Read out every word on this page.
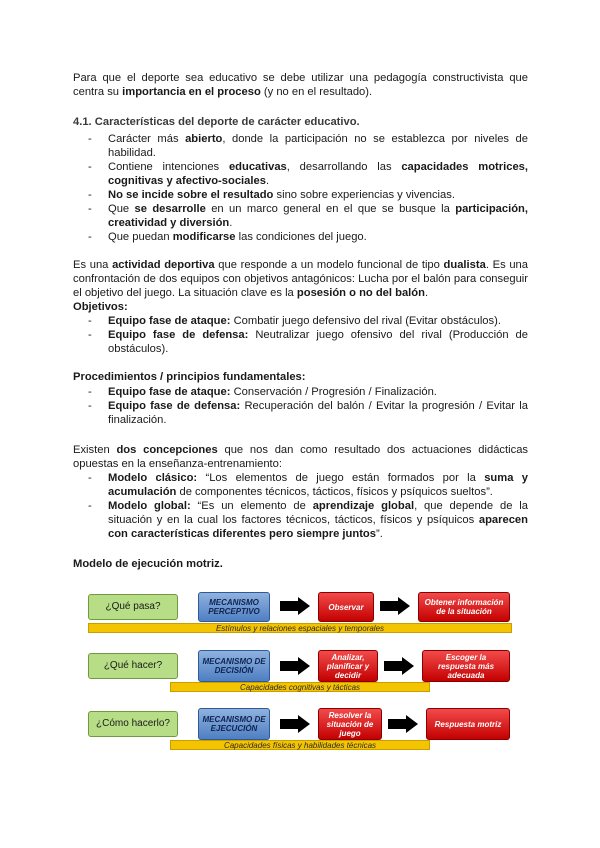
Para que el deporte sea educativo se debe utilizar una pedagogía constructivista que centra su importancia en el proceso (y no en el resultado).

4.1. Características del deporte de carácter educativo.
- Carácter más abierto, donde la participación no se establezca por niveles de habilidad.
- Contiene intenciones educativas, desarrollando las capacidades motrices, cognitivas y afectivo-sociales.
- No se incide sobre el resultado sino sobre experiencias y vivencias.
- Que se desarrolle en un marco general en el que se busque la participación, creatividad y diversión.
- Que puedan modificarse las condiciones del juego.

Es una actividad deportiva que responde a un modelo funcional de tipo dualista. Es una confrontación de dos equipos con objetivos antagónicos: Lucha por el balón para conseguir el objetivo del juego. La situación clave es la posesión o no del balón.

Objetivos:

- Equipo fase de ataque: Combatir juego defensivo del rival (Evitar obstáculos).
- Equipo fase de defensa: Neutralizar juego ofensivo del rival (Producción de obstáculos).

Procedimientos / principios fundamentales:

- Equipo fase de ataque: Conservación / Progresión / Finalización.
- Equipo fase de defensa: Recuperación del balón / Evitar la progresión / Evitar la finalización.

Existen dos concepciones que nos dan como resultado dos actuaciones didácticas opuestas en la enseñanza-entrenamiento:

- Modelo clásico: “Los elementos de juego están formados por la suma y acumulación de componentes técnicos, tácticos, físicos y psíquicos sueltos”.
- Modelo global: “Es un elemento de aprendizaje global, que depende de la situación y en la cual los factores técnicos, tácticos, físicos y psíquicos aparecen con características diferentes pero siempre juntos”.

Modelo de ejecución motriz.

¿Qué pasa?	MECANISMO PERCEPTIVO	Observar	Obtener información de la situación
Estímulos y relaciones espaciales y temporales
¿Qué hacer?	MECANISMO DE DECISIÓN
Analizar, planificar y decidir
Escoger la respuesta más adecuada
Capacidades cognitivas y tácticas
¿Cómo hacerlo?	MECANISMO DE EJECUCIÓN
Resolver la situación de juego
Respuesta motriz
Capacidades físicas y habilidades técnicas
